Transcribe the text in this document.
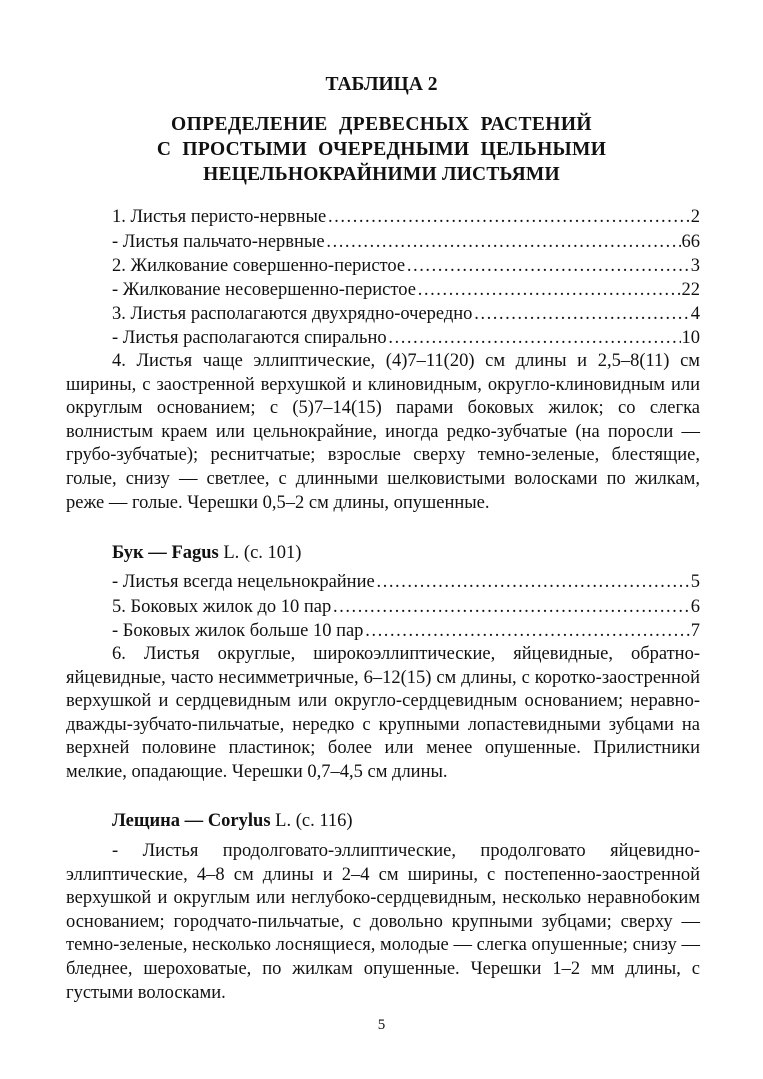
ТАБЛИЦА 2
ОПРЕДЕЛЕНИЕ ДРЕВЕСНЫХ РАСТЕНИЙ
С ПРОСТЫМИ ОЧЕРЕДНЫМИ ЦЕЛЬНЫМИ
НЕЦЕЛЬНОКРАЙНИМИ ЛИСТЬЯМИ
1. Листья перисто-нервные ………………………………………………………………………………………………………………………………………………………………	2
- Листья пальчато-нервные ………………………………………………………………………………………………………………………………………………………………	66
2. Жилкование совершенно-перистое ………………………………………………………………………………………………………………………………………………………………	3
- Жилкование несовершенно-перистое ………………………………………………………………………………………………………………………………………………………………	22
3. Листья располагаются двухрядно-очередно ………………………………………………………………………………………………………………………………………………………………	4
- Листья располагаются спирально ………………………………………………………………………………………………………………………………………………………………	10
4. Листья чаще эллиптические, (4)7–11(20) см длины и 2,5–8(11) см ширины, с заостренной верхушкой и клиновидным, округло-клиновидным или округлым основанием; с (5)7–14(15) парами боковых жилок; со слегка волнистым краем или цельнокрайние, иногда редко-зубчатые (на поросли — грубо-зубчатые); реснитчатые; взрослые сверху темно-зеленые, блестящие, голые, снизу — светлее, с длинными шелковистыми волосками по жилкам, реже — голые. Черешки 0,5–2 см длины, опушенные.
Бук — Fagus L. (с. 101)
- Листья всегда нецельнокрайние ………………………………………………………………………………………………………………………………………………………………	5
5. Боковых жилок до 10 пар ………………………………………………………………………………………………………………………………………………………………	6
- Боковых жилок больше 10 пар ………………………………………………………………………………………………………………………………………………………………	7
6. Листья округлые, широкоэллиптические, яйцевидные, обратно-яйцевидные, часто несимметричные, 6–12(15) см длины, с коротко-заостренной верхушкой и сердцевидным или округло-сердцевидным основанием; неравно-дважды-зубчато-пильчатые, нередко с крупными лопастевидными зубцами на верхней половине пластинок; более или менее опушенные. Прилистники мелкие, опадающие. Черешки 0,7–4,5 см длины.
Лещина — Corylus L. (с. 116)
- Листья продолговато-эллиптические, продолговато яйцевидно-эллиптические, 4–8 см длины и 2–4 см ширины, с постепенно-заостренной верхушкой и округлым или неглубоко-сердцевидным, несколько неравнобоким основанием; городчато-пильчатые, с довольно крупными зубцами; сверху — темно-зеленые, несколько лоснящиеся, молодые — слегка опушенные; снизу — бледнее, шероховатые, по жилкам опушенные. Черешки 1–2 мм длины, с густыми волосками.
5
